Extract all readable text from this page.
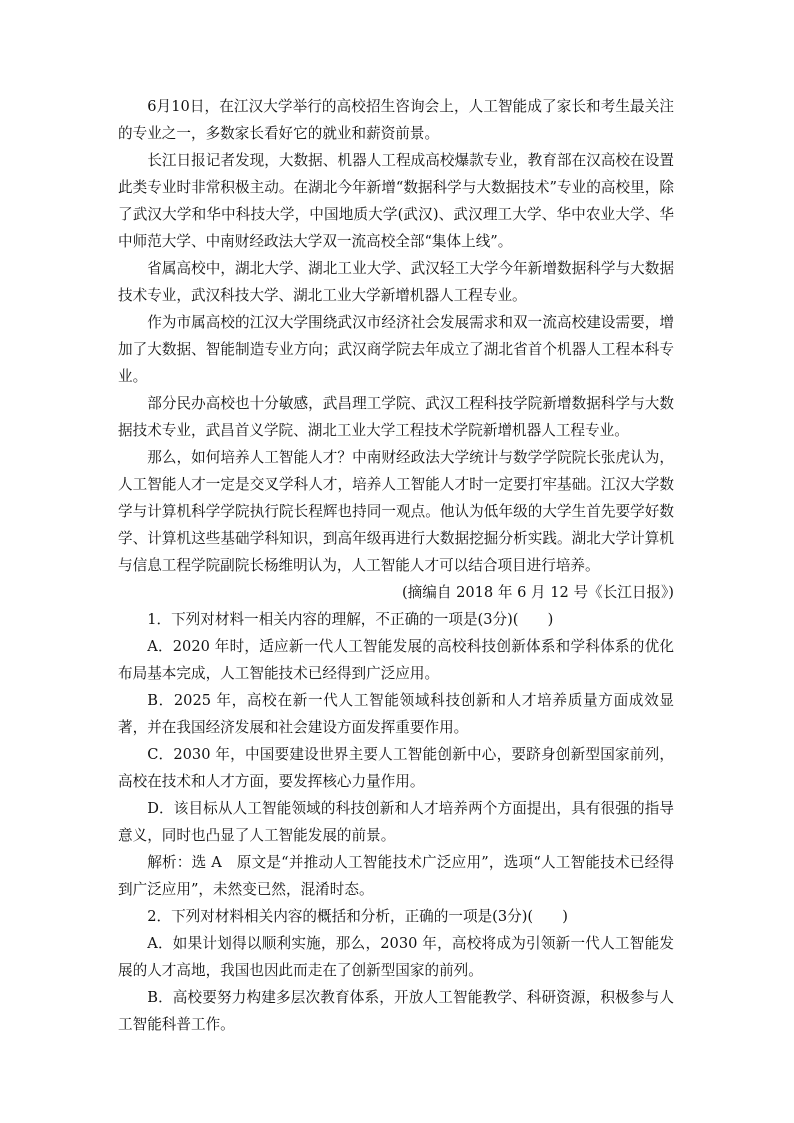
6月10日，在江汉大学举行的高校招生咨询会上，人工智能成了家长和考生最关注的专业之一，多数家长看好它的就业和薪资前景。

长江日报记者发现，大数据、机器人工程成高校爆款专业，教育部在汉高校在设置此类专业时非常积极主动。在湖北今年新增“数据科学与大数据技术”专业的高校里，除了武汉大学和华中科技大学，中国地质大学(武汉)、武汉理工大学、华中农业大学、华中师范大学、中南财经政法大学双一流高校全部“集体上线”。

省属高校中，湖北大学、湖北工业大学、武汉轻工大学今年新增数据科学与大数据技术专业，武汉科技大学、湖北工业大学新增机器人工程专业。

作为市属高校的江汉大学围绕武汉市经济社会发展需求和双一流高校建设需要，增加了大数据、智能制造专业方向；武汉商学院去年成立了湖北省首个机器人工程本科专业。

部分民办高校也十分敏感，武昌理工学院、武汉工程科技学院新增数据科学与大数据技术专业，武昌首义学院、湖北工业大学工程技术学院新增机器人工程专业。

那么，如何培养人工智能人才？中南财经政法大学统计与数学学院院长张虎认为，人工智能人才一定是交叉学科人才，培养人工智能人才时一定要打牢基础。江汉大学数学与计算机科学学院执行院长程辉也持同一观点。他认为低年级的大学生首先要学好数学、计算机这些基础学科知识，到高年级再进行大数据挖掘分析实践。湖北大学计算机与信息工程学院副院长杨维明认为，人工智能人才可以结合项目进行培养。

(摘编自 2018 年 6 月 12 号《长江日报》)

1．下列对材料一相关内容的理解，不正确的一项是(3分)(　　)

A．2020 年时，适应新一代人工智能发展的高校科技创新体系和学科体系的优化布局基本完成，人工智能技术已经得到广泛应用。

B．2025 年，高校在新一代人工智能领域科技创新和人才培养质量方面成效显著，并在我国经济发展和社会建设方面发挥重要作用。

C．2030 年，中国要建设世界主要人工智能创新中心，要跻身创新型国家前列，高校在技术和人才方面，要发挥核心力量作用。

D．该目标从人工智能领域的科技创新和人才培养两个方面提出，具有很强的指导意义，同时也凸显了人工智能发展的前景。

解析：选 A　原文是“并推动人工智能技术广泛应用”，选项“人工智能技术已经得到广泛应用”，未然变已然，混淆时态。

2．下列对材料相关内容的概括和分析，正确的一项是(3分)(　　)

A．如果计划得以顺利实施，那么，2030 年，高校将成为引领新一代人工智能发展的人才高地，我国也因此而走在了创新型国家的前列。

B．高校要努力构建多层次教育体系，开放人工智能教学、科研资源，积极参与人工智能科普工作。
